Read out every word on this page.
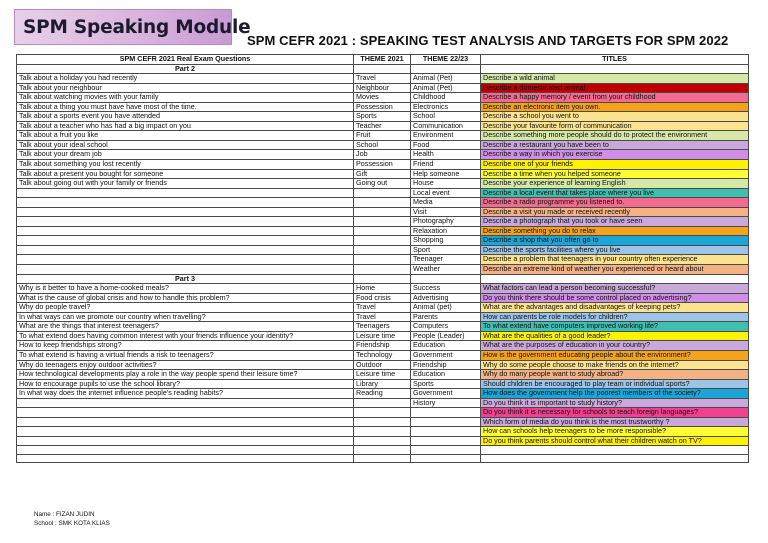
SPM Speaking Module
SPM CEFR 2021 : SPEAKING TEST ANALYSIS AND TARGETS FOR SPM 2022
SPM CEFR 2021 Real Exam Questions	THEME 2021	THEME 22/23	TITLES
Part 2			
Talk about a holiday you had recently	Travel	Animal (Pet)	Describe a wild animal
Talk about your neighbour	Neighbour	Animal (Pet)	Describe a domesticated animal
Talk about watching movies with your family	Movies	Childhood	Describe a happy memory / event from your childhood
Talk about a thing you must have have most of the time.	Possession	Electronics	Describe an electronic item you own.
Talk about a sports event you have attended	Sports	School	Describe a school you went to
Talk about a teacher who has had a big impact on you	Teacher	Communication	Describe your favourite form of communication
Talk about a fruit you like	Fruit	Environment	Describe something more people should do to protect the environment
Talk about your ideal school	School	Food	Describe a restaurant you have been to
Talk about your dream job	Job	Health	Describe a way in which you exercise
Talk about something you lost recently	Possession	Friend	Describe one of your friends
Talk about a present you bought for someone	Gift	Help someone	Describe a time when you helped someone
Talk about going out with your family or friends	Going out	House	Describe your experience of learning English
		Local event	Describe a local event that takes place where you live
		Media	Describe a radio programme you listened to.
		Visit	Describe a visit you made or received recently
		Photography	Describe a photograph that you took or have seen
		Relaxation	Describe something you do to relax
		Shopping	Describe a shop that you often go to
		Sport	Describe the sports facilities where you live
		Teenager	Describe a problem that teenagers in your country often experience
		Weather	Describe an extreme kind of weather you experienced or heard about
Part 3			
Why is it better to have a home-cooked meals?	Home	Success	What factors can lead a person becoming successful?
What is the cause of global crisis and how to handle this problem?	Food crisis	Advertising	Do you think there should be some control placed on advertising?
Why do people travel?	Travel	Animal (pet)	What are the advantages and disadvantages of keeping pets?
In what ways can we promote our country when travelling?	Travel	Parents	How can parents be role models for children?
What are the things that interest teenagers?	Teenagers	Computers	To what extend have computers improved working life?
To what extend does having common interest with your friends influence your identity?	Leisure time	People (Leader)	What are the qualities of a good leader?
How to keep friendships strong?	Friendship	Education	What are the purposes of education in your country?
To what extend is having a virtual friends a risk to teenagers?	Technology	Government	How is the government educating people about the environment?
Why do teenagers enjoy outdoor activities?	Outdoor	Friendship	Why do some people choose to make friends on the internet?
How technological developments play a role in the way people spend their leisure time?	Leisure time	Education	Why do many people want to study abroad?
How to encourage pupils to use the school library?	Library	Sports	Should children be encouraged to play team or individual sports?
In what way does the internet influence people's reading habits?	Reading	Government	How does the government help the poorest members of the society?
		History	Do you think it is important to study history?
			Do you think it is necessary for schools to teach foreign languages?
			Which form of media do you think is the most trustworthy ?
			How can schools help teenagers to be more responsible?
			Do you think parents should control what their children watch on TV?

Name : FIZAN JUDIN
School : SMK KOTA KLIAS
